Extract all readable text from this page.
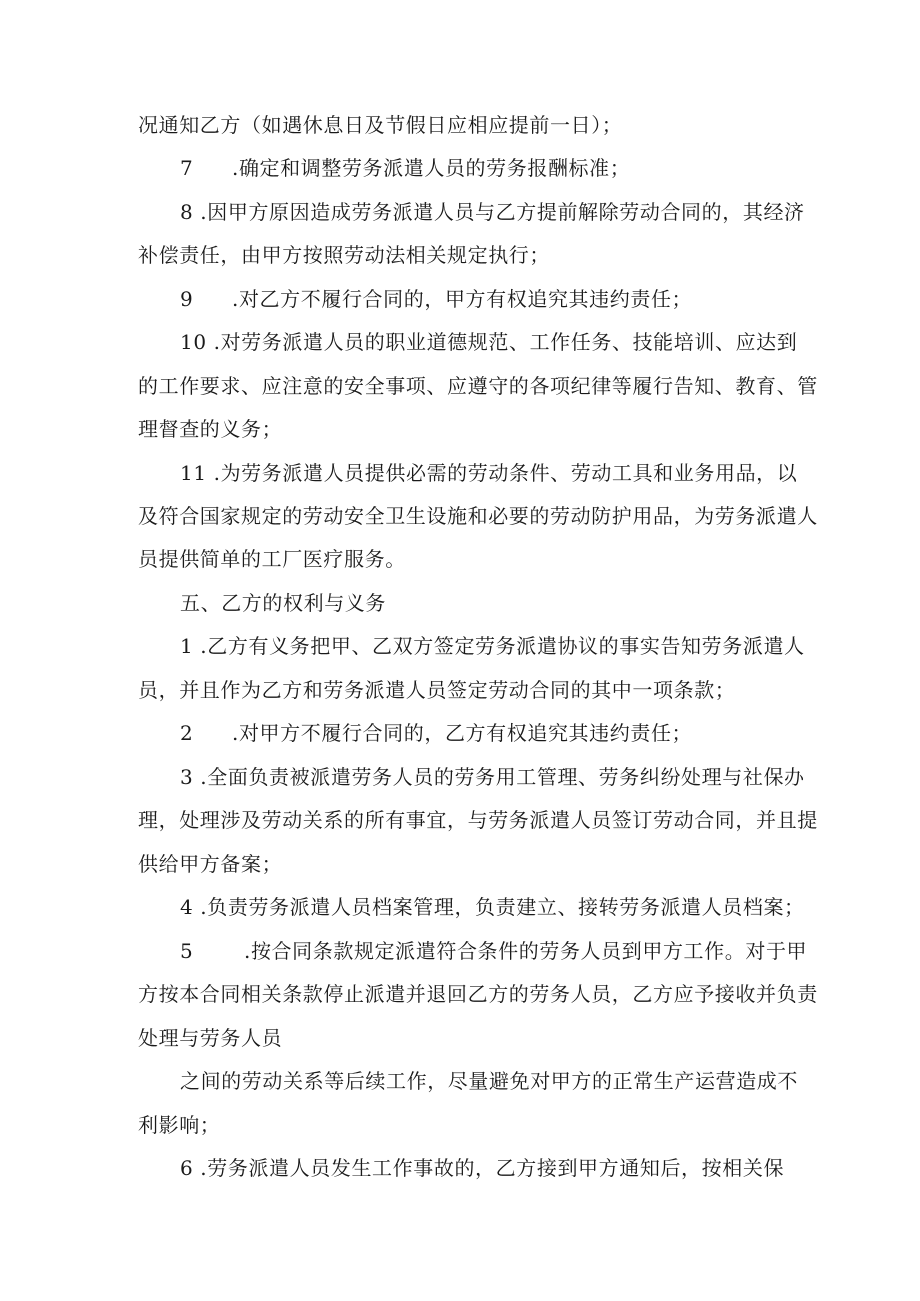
况通知乙方（如遇休息日及节假日应相应提前一日）；
7 .确定和调整劳务派遣人员的劳务报酬标准；
8 .因甲方原因造成劳务派遣人员与乙方提前解除劳动合同的，其经济
补偿责任，由甲方按照劳动法相关规定执行；
9 .对乙方不履行合同的，甲方有权追究其违约责任；
10 .对劳务派遣人员的职业道德规范、工作任务、技能培训、应达到
的工作要求、应注意的安全事项、应遵守的各项纪律等履行告知、教育、管
理督查的义务；
11 .为劳务派遣人员提供必需的劳动条件、劳动工具和业务用品，以
及符合国家规定的劳动安全卫生设施和必要的劳动防护用品，为劳务派遣人
员提供简单的工厂医疗服务。
五、乙方的权利与义务
1 .乙方有义务把甲、乙双方签定劳务派遣协议的事实告知劳务派遣人
员，并且作为乙方和劳务派遣人员签定劳动合同的其中一项条款；
2 .对甲方不履行合同的，乙方有权追究其违约责任；
3 .全面负责被派遣劳务人员的劳务用工管理、劳务纠纷处理与社保办
理，处理涉及劳动关系的所有事宜，与劳务派遣人员签订劳动合同，并且提
供给甲方备案；
4 .负责劳务派遣人员档案管理，负责建立、接转劳务派遣人员档案；
5	.按合同条款规定派遣符合条件的劳务人员到甲方工作。对于甲
方按本合同相关条款停止派遣并退回乙方的劳务人员，乙方应予接收并负责
处理与劳务人员
之间的劳动关系等后续工作，尽量避免对甲方的正常生产运营造成不
利影响；
6 .劳务派遣人员发生工作事故的，乙方接到甲方通知后，按相关保
